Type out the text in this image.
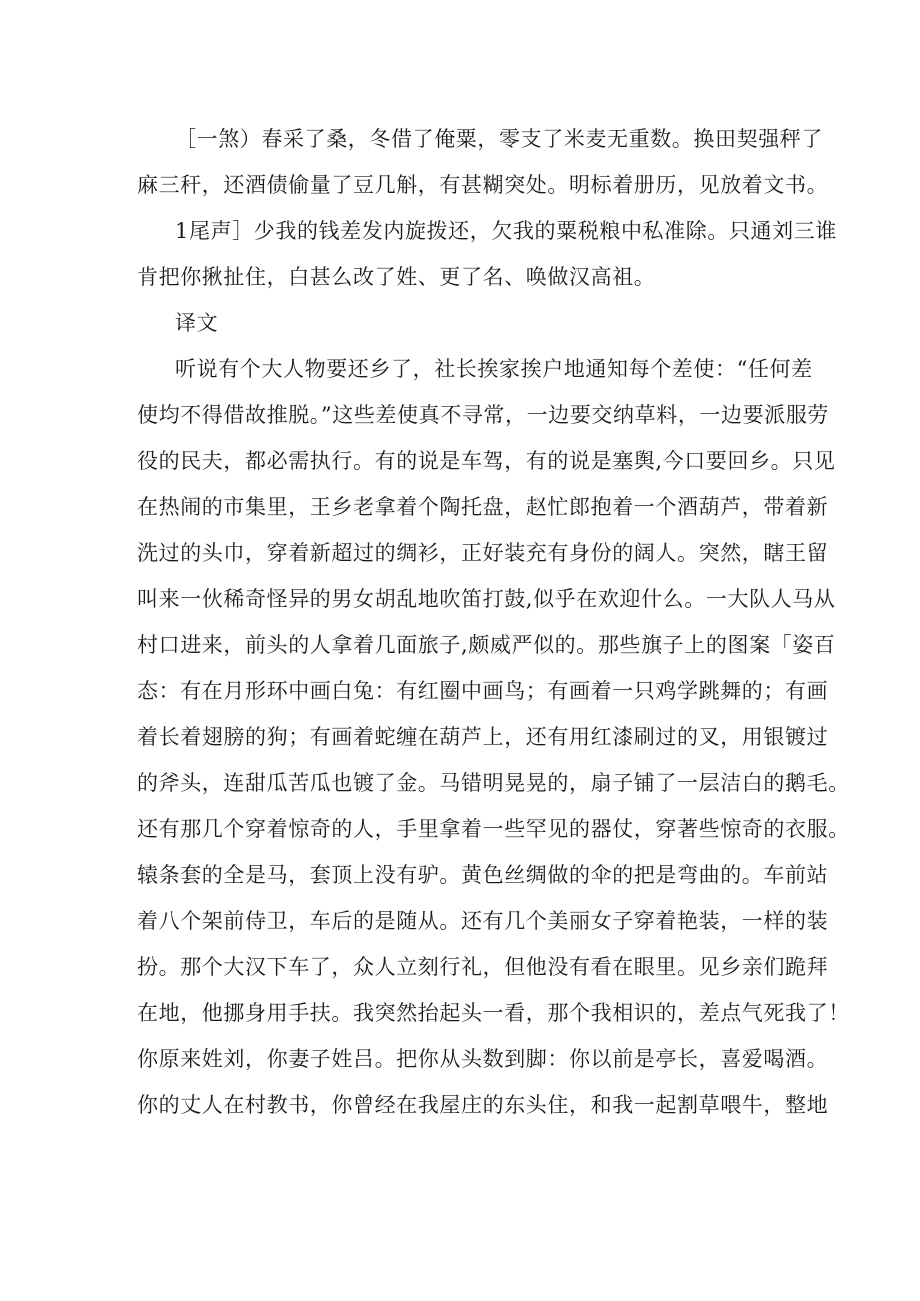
［一煞）春采了桑，冬借了俺粟，零支了米麦无重数。换田契强秤了
麻三秆，还酒债偷量了豆几斛，有甚糊突处。明标着册历，见放着文书。
1尾声］少我的钱差发内旋拨还，欠我的粟税粮中私准除。只通刘三谁
肯把你揪扯住，白甚么改了姓、更了名、唤做汉高祖。
译文
听说有个大人物要还乡了，社长挨家挨户地通知每个差使：“任何差
使均不得借故推脱。”这些差使真不寻常，一边要交纳草料，一边要派服劳
役的民夫，都必需执行。有的说是车驾，有的说是塞舆,今口要回乡。只见
在热闹的市集里，王乡老拿着个陶托盘，赵忙郎抱着一个酒葫芦，带着新
洗过的头巾，穿着新超过的绸衫，正好装充有身份的阔人。突然，瞎王留
叫来一伙稀奇怪异的男女胡乱地吹笛打鼓,似乎在欢迎什么。一大队人马从
村口进来，前头的人拿着几面旅子,颇威严似的。那些旗子上的图案「姿百
态：有在月形环中画白兔：有红圈中画鸟；有画着一只鸡学跳舞的；有画
着长着翅膀的狗；有画着蛇缠在葫芦上，还有用红漆刷过的叉，用银镀过
的斧头，连甜瓜苦瓜也镀了金。马错明晃晃的，扇子铺了一层洁白的鹅毛。
还有那几个穿着惊奇的人，手里拿着一些罕见的器仗，穿著些惊奇的衣服。
辕条套的全是马，套顶上没有驴。黄色丝绸做的伞的把是弯曲的。车前站
着八个架前侍卫，车后的是随从。还有几个美丽女子穿着艳装，一样的装
扮。那个大汉下车了，众人立刻行礼，但他没有看在眼里。见乡亲们跪拜
在地，他挪身用手扶。我突然抬起头一看，那个我相识的，差点气死我了！
你原来姓刘，你妻子姓吕。把你从头数到脚：你以前是亭长，喜爱喝酒。
你的丈人在村教书，你曾经在我屋庄的东头住，和我一起割草喂牛，整地
